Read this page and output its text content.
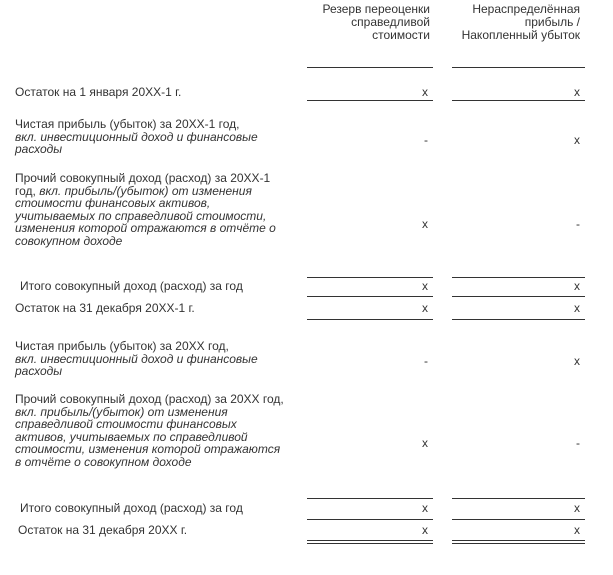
Резерв переоценки справедливой стоимости
Нераспределённая прибыль /Накопленный убыток
Остаток на 1 января 20ХХ-1 г.	x	x
Чистая прибыль (убыток) за 20ХХ-1 год,
вкл. инвестиционный доход и финансовые расходы
-	x
Прочий совокупный доход (расход) за 20ХХ-1 год, вкл. прибыль/(убыток) от изменения стоимости финансовых активов, учитываемых по справедливой стоимости, изменения которой отражаются в отчёте о совокупном доходе
x	-
Итого совокупный доход (расход) за год	x	x
Остаток на 31 декабря 20ХХ-1 г.	x	x
Чистая прибыль (убыток) за 20ХХ год,
вкл. инвестиционный доход и финансовые расходы
-	x
Прочий совокупный доход (расход) за 20ХХ год, вкл. прибыль/(убыток) от изменения справедливой стоимости финансовых активов, учитываемых по справедливой стоимости, изменения которой отражаются в отчёте о совокупном доходе
x	-
Итого совокупный доход (расход) за год	x	x
Остаток на 31 декабря 20ХХ г.	x	x
